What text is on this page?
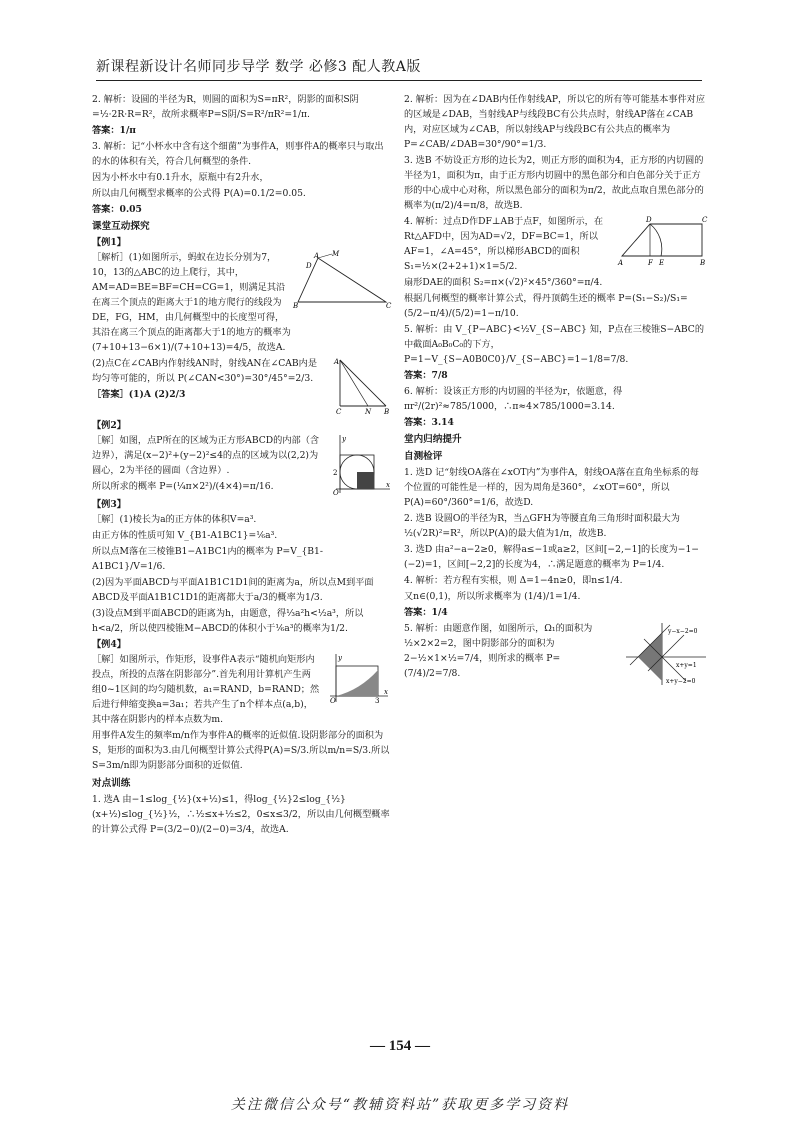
新课程新设计名师同步导学 数学 必修3 配人教A版

2. 解析：设圆的半径为R，则圆的面积为S=πR²，阴影的面积S阴=½·2R·R=R²，故所求概率P=S阴/S=R²/πR²=1/π.

答案：1/π

3. 解析：记“小杯水中含有这个细菌”为事件A，则事件A的概率只与取出的水的体积有关，符合几何概型的条件.

因为小杯水中有0.1升水，原瓶中有2升水，

所以由几何概型求概率的公式得 P(A)=0.1/2=0.05.

答案：0.05

课堂互动探究
【例1】
A
B	C
D
M

［解析］(1)如图所示，蚂蚁在边长分别为7，10，13的△ABC的边上爬行，其中，AM=AD=BE=BF=CH=CG=1，则满足其沿在离三个顶点的距离大于1的地方爬行的线段为DE，FG，HM，由几何概型中的长度型可得，其沿在离三个顶点的距离都大于1的地方的概率为 (7+10+13−6×1)/(7+10+13)=4/5，故选A.

A
C	N B

(2)点C在∠CAB内作射线AN时，射线AN在∠CAB内是均匀等可能的，所以 P(∠CAN<30°)=30°/45°=2/3.

［答案］(1)A (2)2/3

【例2】
y
x
O
2

［解］如图，点P所在的区域为正方形ABCD的内部（含边界），满足(x−2)²+(y−2)²≤4的点的区域为以(2,2)为圆心，2为半径的圆面（含边界）.

所以所求的概率 P=(¼π×2²)/(4×4)=π/16.

【例3】

［解］(1)棱长为a的正方体的体积V=a³.

由正方体的性质可知 V_{B1-A1BC1}=⅙a³.

所以点M落在三棱锥B1−A1BC1内的概率为 P=V_{B1-A1BC1}/V=1/6.

(2)因为平面ABCD与平面A1B1C1D1间的距离为a，所以点M到平面ABCD及平面A1B1C1D1的距离都大于a/3的概率为1/3.

(3)设点M到平面ABCD的距离为h，由题意，得⅓a²h<½a³，所以h<a/2，所以使四棱锥M−ABCD的体积小于⅙a³的概率为1/2.

【例4】
y
x
O	3

［解］如图所示，作矩形，设事件A表示“随机向矩形内投点，所投的点落在阴影部分”.首先利用计算机产生两组0~1区间的均匀随机数，a₁=RAND，b=RAND；然后进行伸缩变换a=3a₁；若共产生了n个样本点(a,b)，其中落在阴影内的样本点数为m.

用事件A发生的频率m/n作为事件A的概率的近似值.设阴影部分的面积为S，矩形的面积为3.由几何概型计算公式得P(A)=S/3.所以m/n=S/3.所以S=3m/n即为阴影部分面积的近似值.

对点训练

1. 选A 由−1≤log_{½}(x+½)≤1，得log_{½}2≤log_{½}(x+½)≤log_{½}½，∴½≤x+½≤2，0≤x≤3/2，所以由几何概型概率的计算公式得 P=(3/2−0)/(2−0)=3/4，故选A.

2. 解析：因为在∠DAB内任作射线AP，所以它的所有等可能基本事件对应的区域是∠DAB，当射线AP与线段BC有公共点时，射线AP落在∠CAB内，对应区域为∠CAB，所以射线AP与线段BC有公共点的概率为 P=∠CAB/∠DAB=30°/90°=1/3.

3. 选B 不妨设正方形的边长为2，则正方形的面积为4，正方形的内切圆的半径为1，面积为π，由于正方形内切圆中的黑色部分和白色部分关于正方形的中心成中心对称，所以黑色部分的面积为π/2，故此点取自黑色部分的概率为(π/2)/4=π/8，故选B.

D	C
A	F E	B

4. 解析：过点D作DF⊥AB于点F，如图所示，在Rt△AFD中，因为AD=√2，DF=BC=1，所以AF=1，∠A=45°，所以梯形ABCD的面积 S₁=½×(2+2+1)×1=5/2.

扇形DAE的面积 S₂=π×(√2)²×45°/360°=π/4.

根据几何概型的概率计算公式，得丹顶鹤生还的概率 P=(S₁−S₂)/S₁=(5/2−π/4)/(5/2)=1−π/10.

5. 解析：由 V_{P−ABC}<½V_{S−ABC} 知，P点在三棱锥S−ABC的中截面A₀B₀C₀的下方，P=1−V_{S−A0B0C0}/V_{S−ABC}=1−1/8=7/8.

答案：7/8

6. 解析：设该正方形的内切圆的半径为r，依题意，得 πr²/(2r)²≈785/1000，∴π≈4×785/1000=3.14.

答案：3.14

堂内归纳提升
自测检评

1. 选D 记“射线OA落在∠xOT内”为事件A，射线OA落在直角坐标系的每个位置的可能性是一样的，因为周角是360°，∠xOT=60°，所以 P(A)=60°/360°=1/6，故选D.

2. 选B 设圆O的半径为R，当△GFH为等腰直角三角形时面积最大为½(√2R)²=R²，所以P(A)的最大值为1/π，故选B.

3. 选D 由a²−a−2≥0，解得a≤−1或a≥2，区间[−2,−1]的长度为−1−(−2)=1，区间[−2,2]的长度为4，∴满足题意的概率为 P=1/4.

4. 解析：若方程有实根，则 Δ=1−4n≥0，即n≤1/4.

又n∈(0,1)，所以所求概率为 (1/4)/1=1/4.

答案：1/4

y−x−2=0
x+y=1
x+y−2=0

5. 解析：由题意作图，如图所示，Ω₁的面积为 ½×2×2=2，图中阴影部分的面积为 2−½×1×½=7/4，则所求的概率 P=(7/4)/2=7/8.

— 154 —
关注微信公众号“教辅资料站”获取更多学习资料
